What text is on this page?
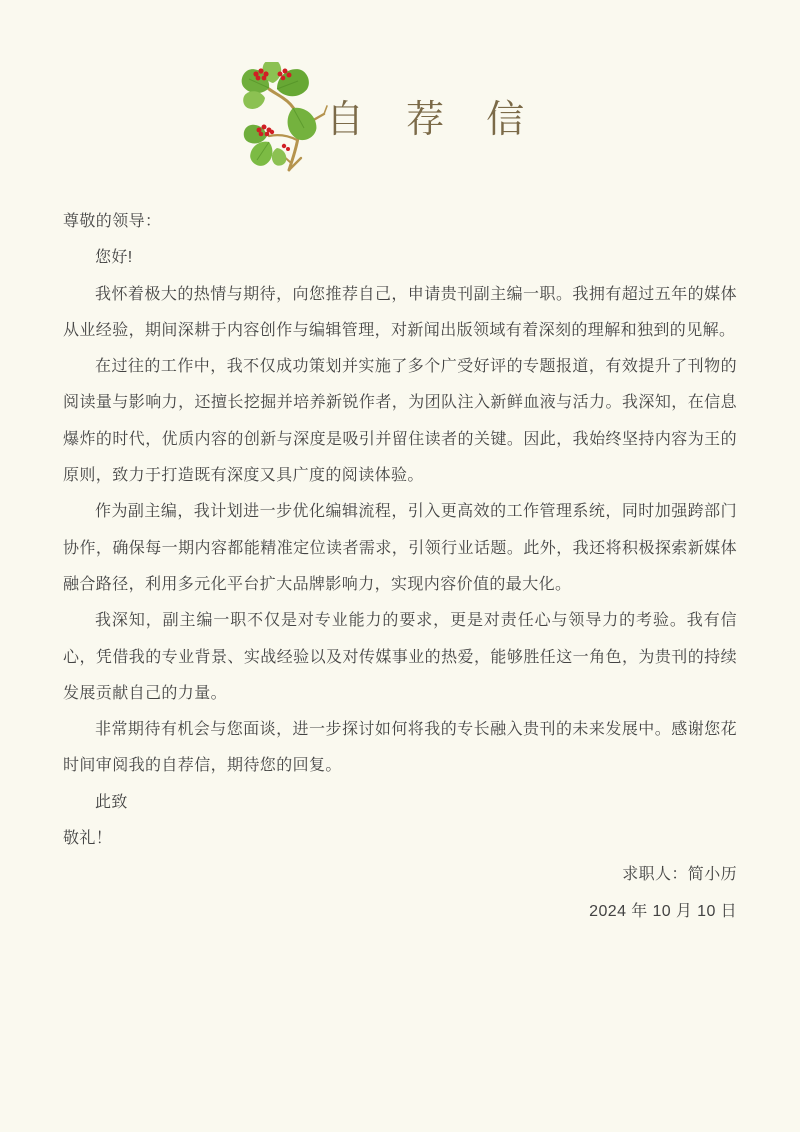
自 荐 信

尊敬的领导：

您好!

我怀着极大的热情与期待，向您推荐自己，申请贵刊副主编一职。我拥有超过五年的媒体从业经验，期间深耕于内容创作与编辑管理，对新闻出版领域有着深刻的理解和独到的见解。

在过往的工作中，我不仅成功策划并实施了多个广受好评的专题报道，有效提升了刊物的阅读量与影响力，还擅长挖掘并培养新锐作者，为团队注入新鲜血液与活力。我深知，在信息爆炸的时代，优质内容的创新与深度是吸引并留住读者的关键。因此，我始终坚持内容为王的原则，致力于打造既有深度又具广度的阅读体验。

作为副主编，我计划进一步优化编辑流程，引入更高效的工作管理系统，同时加强跨部门协作，确保每一期内容都能精准定位读者需求，引领行业话题。此外，我还将积极探索新媒体融合路径，利用多元化平台扩大品牌影响力，实现内容价值的最大化。

我深知，副主编一职不仅是对专业能力的要求，更是对责任心与领导力的考验。我有信心，凭借我的专业背景、实战经验以及对传媒事业的热爱，能够胜任这一角色，为贵刊的持续发展贡献自己的力量。

非常期待有机会与您面谈，进一步探讨如何将我的专长融入贵刊的未来发展中。感谢您花时间审阅我的自荐信，期待您的回复。

此致

敬礼！

求职人：简小历

2024 年 10 月 10 日
